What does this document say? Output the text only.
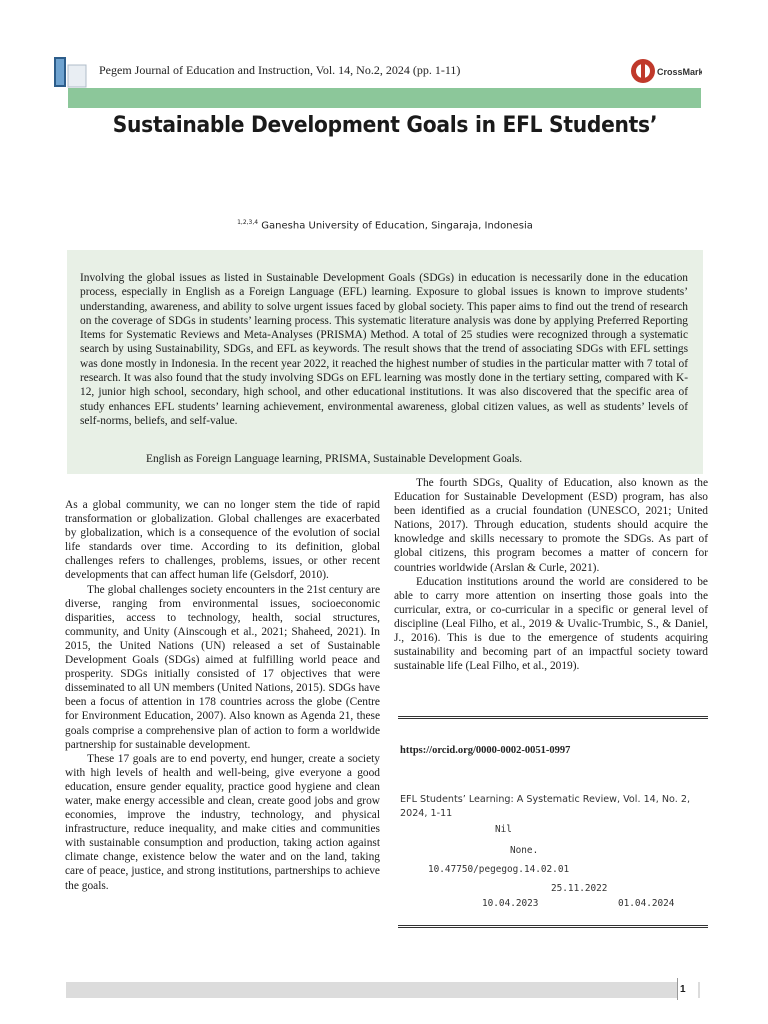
Pegem Journal of Education and Instruction, Vol. 14, No.2, 2024 (pp. 1-11)	CrossMark
Sustainable Development Goals in EFL Students’
$^{1,2,3,4}$ Ganesha University of Education, Singaraja, Indonesia
Involving the global issues as listed in Sustainable Development Goals (SDGs) in education is necessarily done in the education process, especially in English as a Foreign Language (EFL) learning. Exposure to global issues is known to improve students’ understanding, awareness, and ability to solve urgent issues faced by global society. This paper aims to find out the trend of research on the coverage of SDGs in students’ learning process. This systematic literature analysis was done by applying Preferred Reporting Items for Systematic Reviews and Meta-Analyses (PRISMA) Method. A total of 25 studies were recognized through a systematic search by using Sustainability, SDGs, and EFL as keywords. The result shows that the trend of associating SDGs with EFL settings was done mostly in Indonesia. In the recent year 2022, it reached the highest number of studies in the particular matter with 7 total of research. It was also found that the study involving SDGs on EFL learning was mostly done in the tertiary setting, compared with K-12, junior high school, secondary, high school, and other educational institutions. It was also discovered that the specific area of study enhances EFL students’ learning achievement, environmental awareness, global citizen values, as well as students’ levels of self-norms, beliefs, and self-value.
English as Foreign Language learning, PRISMA, Sustainable Development Goals.

As a global community, we can no longer stem the tide of rapid transformation or globalization. Global challenges are exacerbated by globalization, which is a consequence of the evolution of social life standards over time. According to its definition, global challenges refers to challenges, problems, issues, or other recent developments that can affect human life (Gelsdorf, 2010).

The global challenges society encounters in the 21st century are diverse, ranging from environmental issues, socioeconomic disparities, access to technology, health, social structures, community, and Unity (Ainscough et al., 2021; Shaheed, 2021). In 2015, the United Nations (UN) released a set of Sustainable Development Goals (SDGs) aimed at fulfilling world peace and prosperity. SDGs initially consisted of 17 objectives that were disseminated to all UN members (United Nations, 2015). SDGs have been a focus of attention in 178 countries across the globe (Centre for Environment Education, 2007). Also known as Agenda 21, these goals comprise a comprehensive plan of action to form a worldwide partnership for sustainable development.

These 17 goals are to end poverty, end hunger, create a society with high levels of health and well-being, give everyone a good education, ensure gender equality, practice good hygiene and clean water, make energy accessible and clean, create good jobs and grow economies, improve the industry, technology, and physical infrastructure, reduce inequality, and make cities and communities with sustainable consumption and production, taking action against climate change, existence below the water and on the land, taking care of peace, justice, and strong institutions, partnerships to achieve the goals.

The fourth SDGs, Quality of Education, also known as the Education for Sustainable Development (ESD) program, has also been identified as a crucial foundation (UNESCO, 2021; United Nations, 2017). Through education, students should acquire the knowledge and skills necessary to promote the SDGs. As part of global citizens, this program becomes a matter of concern for countries worldwide (Arslan & Curle, 2021).

Education institutions around the world are considered to be able to carry more attention on inserting those goals into the curricular, extra, or co-curricular in a specific or general level of discipline (Leal Filho, et al., 2019 & Uvalic-Trumbic, S., & Daniel, J., 2016). This is due to the emergence of students acquiring sustainability and becoming part of an impactful society toward sustainable life (Leal Filho, et al., 2019).

https://orcid.org/0000-0002-0051-0997
EFL Students’ Learning: A Systematic Review, Vol. 14, No. 2, 2024, 1-11
Nil
None.
10.47750/pegegog.14.02.01
25.11.2022
10.04.2023	01.04.2024
1
